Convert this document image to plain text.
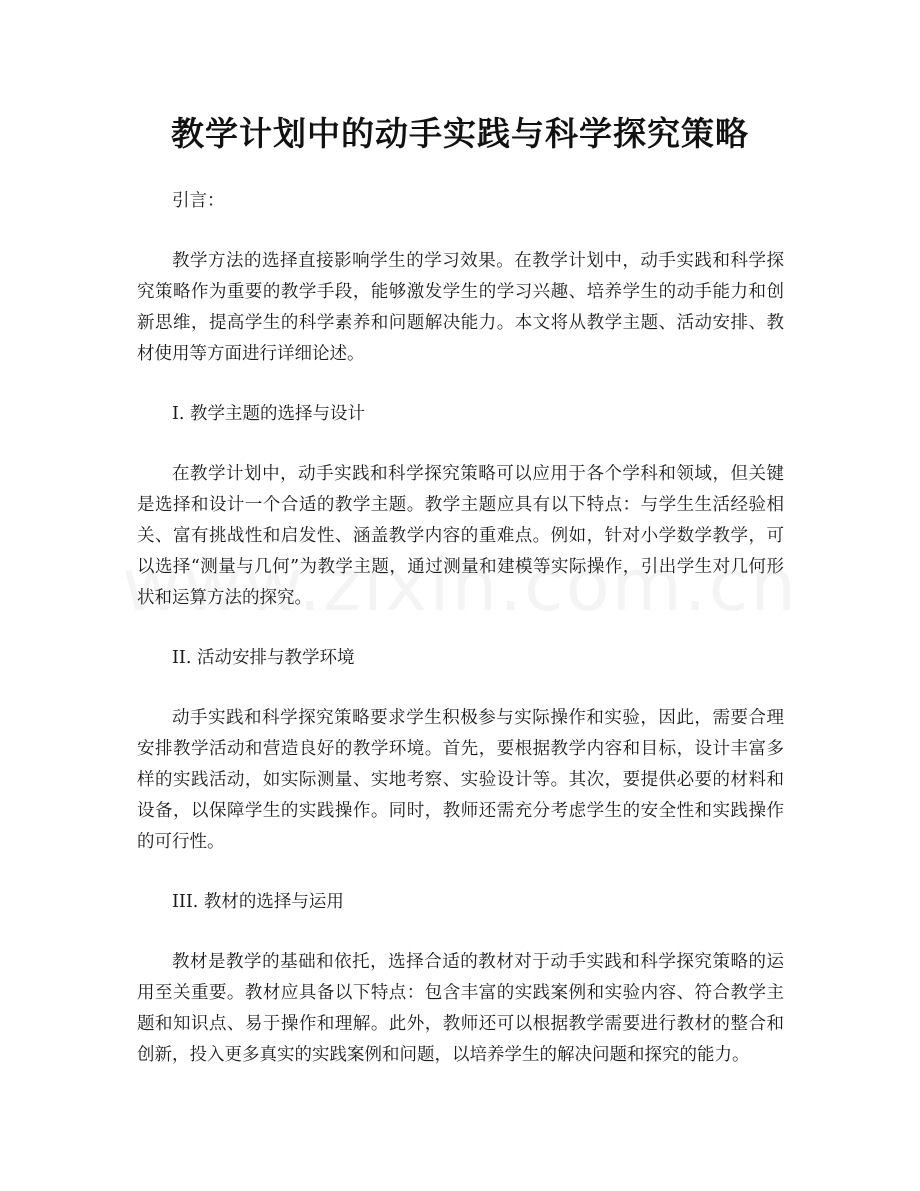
教学计划中的动手实践与科学探究策略

引言：

教学方法的选择直接影响学生的学习效果。在教学计划中，动手实践和科学探究策略作为重要的教学手段，能够激发学生的学习兴趣、培养学生的动手能力和创新思维，提高学生的科学素养和问题解决能力。本文将从教学主题、活动安排、教材使用等方面进行详细论述。

I. 教学主题的选择与设计

在教学计划中，动手实践和科学探究策略可以应用于各个学科和领域，但关键是选择和设计一个合适的教学主题。教学主题应具有以下特点：与学生生活经验相关、富有挑战性和启发性、涵盖教学内容的重难点。例如，针对小学数学教学，可以选择“测量与几何”为教学主题，通过测量和建模等实际操作，引出学生对几何形状和运算方法的探究。

II. 活动安排与教学环境

动手实践和科学探究策略要求学生积极参与实际操作和实验，因此，需要合理安排教学活动和营造良好的教学环境。首先，要根据教学内容和目标，设计丰富多样的实践活动，如实际测量、实地考察、实验设计等。其次，要提供必要的材料和设备，以保障学生的实践操作。同时，教师还需充分考虑学生的安全性和实践操作的可行性。

III. 教材的选择与运用

教材是教学的基础和依托，选择合适的教材对于动手实践和科学探究策略的运用至关重要。教材应具备以下特点：包含丰富的实践案例和实验内容、符合教学主题和知识点、易于操作和理解。此外，教师还可以根据教学需要进行教材的整合和创新，投入更多真实的实践案例和问题，以培养学生的解决问题和探究的能力。
